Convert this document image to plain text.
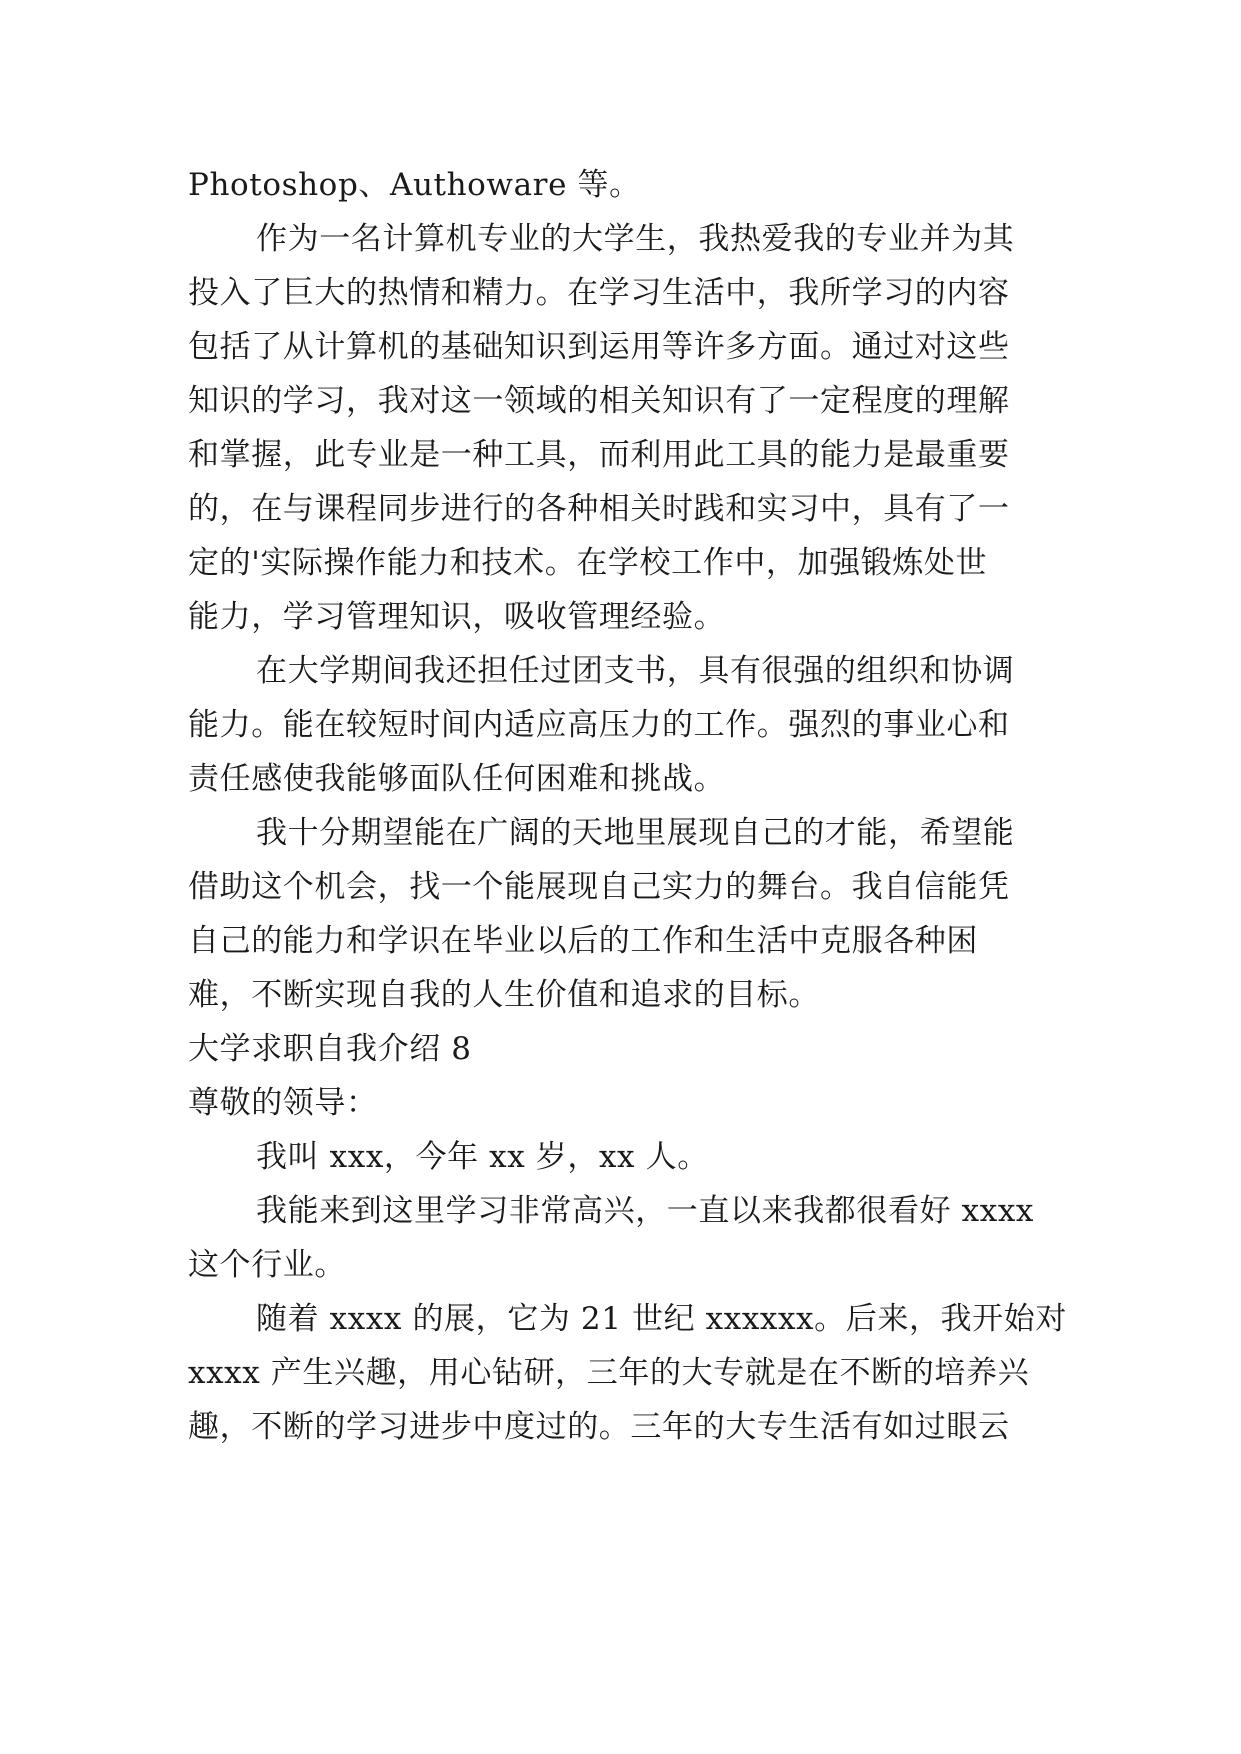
Photoshop、Authoware 等。
作为一名计算机专业的大学生，我热爱我的专业并为其
投入了巨大的热情和精力。在学习生活中，我所学习的内容
包括了从计算机的基础知识到运用等许多方面。通过对这些
知识的学习，我对这一领域的相关知识有了一定程度的理解
和掌握，此专业是一种工具，而利用此工具的能力是最重要
的，在与课程同步进行的各种相关时践和实习中，具有了一
定的'实际操作能力和技术。在学校工作中，加强锻炼处世
能力，学习管理知识，吸收管理经验。
在大学期间我还担任过团支书，具有很强的组织和协调
能力。能在较短时间内适应高压力的工作。强烈的事业心和
责任感使我能够面队任何困难和挑战。
我十分期望能在广阔的天地里展现自己的才能，希望能
借助这个机会，找一个能展现自己实力的舞台。我自信能凭
自己的能力和学识在毕业以后的工作和生活中克服各种困
难，不断实现自我的人生价值和追求的目标。
大学求职自我介绍 8
尊敬的领导：
我叫 xxx，今年 xx 岁，xx 人。
我能来到这里学习非常高兴，一直以来我都很看好 xxxx
这个行业。
随着 xxxx 的展，它为 21 世纪 xxxxxx。后来，我开始对
xxxx 产生兴趣，用心钻研，三年的大专就是在不断的培养兴
趣，不断的学习进步中度过的。三年的大专生活有如过眼云
